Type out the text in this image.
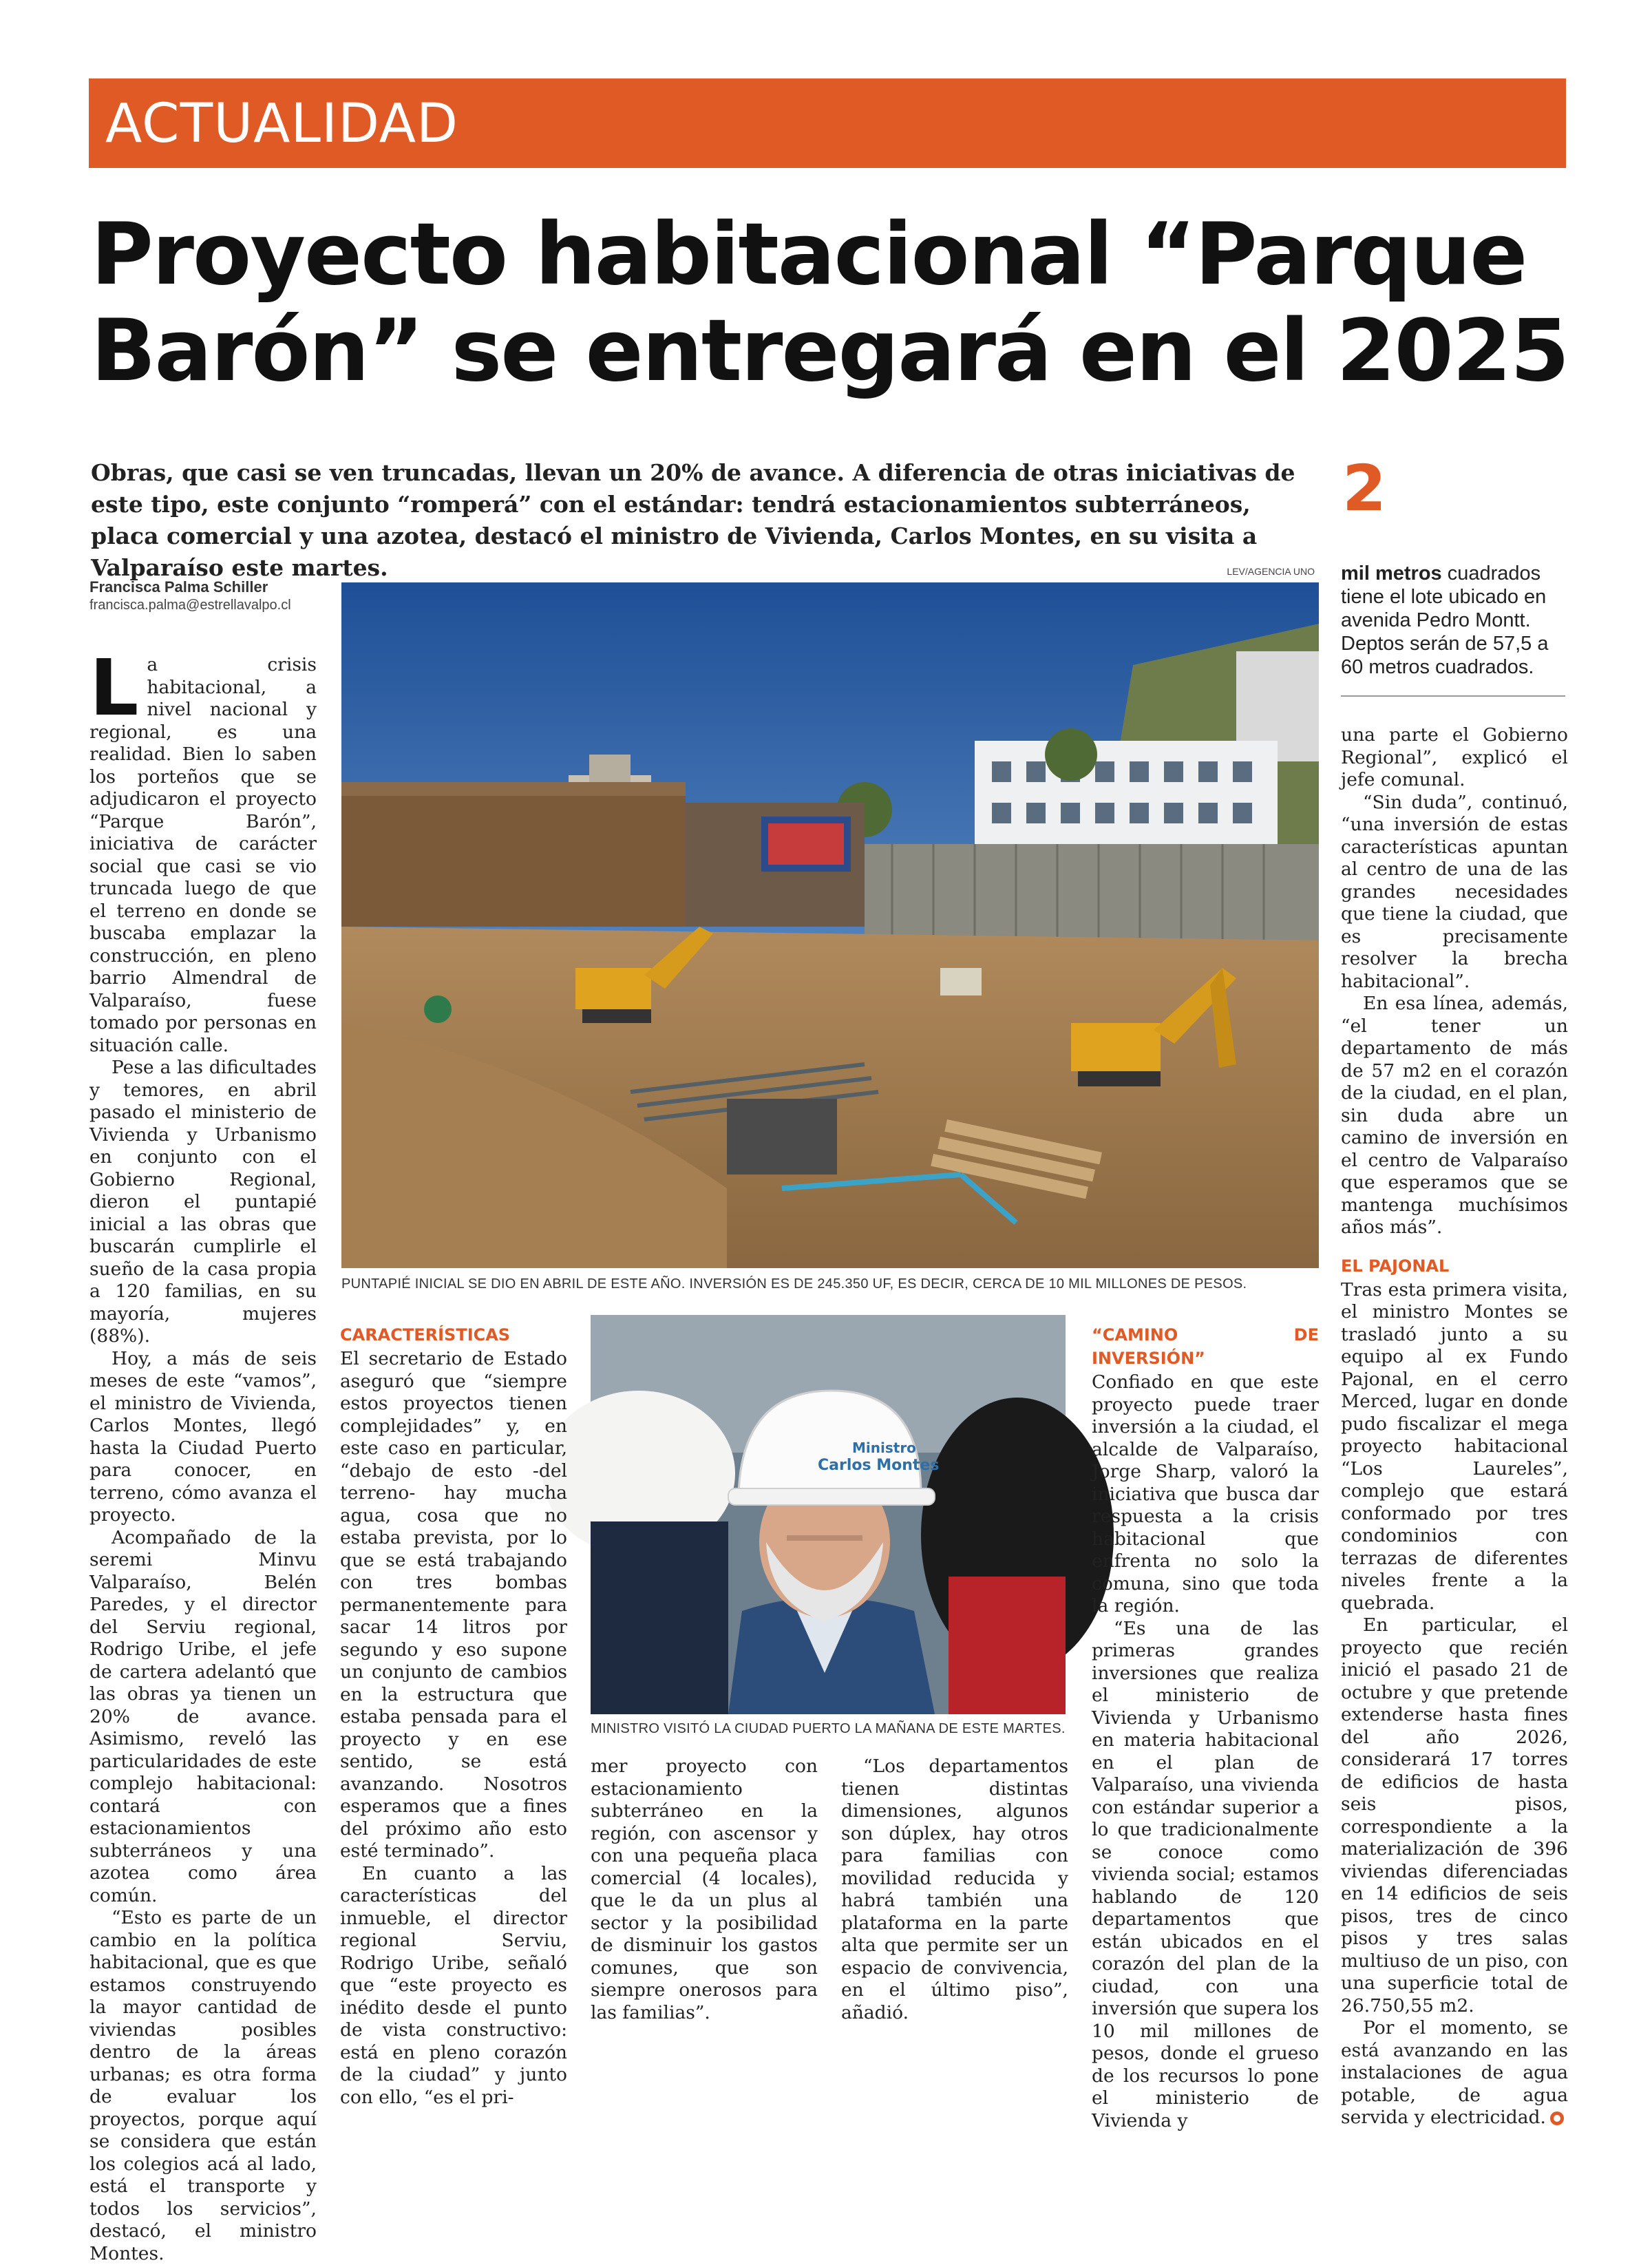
ACTUALIDAD
Proyecto habitacional “Parque Barón” se entregará en el 2025

Obras, que casi se ven truncadas, llevan un 20% de avance. A diferencia de otras iniciativas de este tipo, este conjunto “romperá” con el estándar: tendrá estacionamientos subterráneos, placa comercial y una azotea, destacó el ministro de Vivienda, Carlos Montes, en su visita a Valparaíso este martes.

2
mil metros cuadrados tiene el lote ubicado en avenida Pedro Montt. Deptos serán de 57,5 a 60 metros cuadrados.
Francisca Palma Schiller
francisca.palma@estrellavalpo.cl
LEV/AGENCIA UNO
PUNTAPIÉ INICIAL SE DIO EN ABRIL DE ESTE AÑO. INVERSIÓN ES DE 245.350 UF, ES DECIR, CERCA DE 10 MIL MILLONES DE PESOS.
Ministro
Carlos Montes
MINISTRO VISITÓ LA CIUDAD PUERTO LA MAÑANA DE ESTE MARTES.

La crisis habitacional, a nivel nacional y regional, es una realidad. Bien lo saben los porteños que se adjudicaron el proyecto “Parque Barón”, iniciativa de carácter social que casi se vio truncada luego de que el terreno en donde se buscaba emplazar la construcción, en pleno barrio Almendral de Valparaíso, fuese tomado por personas en situación calle.

Pese a las dificultades y temores, en abril pasado el ministerio de Vivienda y Urbanismo en conjunto con el Gobierno Regional, dieron el puntapié inicial a las obras que buscarán cumplirle el sueño de la casa propia a 120 familias, en su mayoría, mujeres (88%).

Hoy, a más de seis meses de este “vamos”, el ministro de Vivienda, Carlos Montes, llegó hasta la Ciudad Puerto para conocer, en terreno, cómo avanza el proyecto.

Acompañado de la seremi Minvu Valparaíso, Belén Paredes, y el director del Serviu regional, Rodrigo Uribe, el jefe de cartera adelantó que las obras ya tienen un 20% de avance. Asimismo, reveló las particularidades de este complejo habitacional: contará con estacionamientos subterráneos y una azotea como área común.

“Esto es parte de un cambio en la política habitacional, que es que estamos construyendo la mayor cantidad de viviendas posibles dentro de la áreas urbanas; es otra forma de evaluar los proyectos, porque aquí se considera que están los colegios acá al lado, está el transporte y todos los servicios”, destacó, el ministro Montes.

CARACTERÍSTICAS

El secretario de Estado aseguró que “siempre estos proyectos tienen complejidades” y, en este caso en particular, “debajo de esto -del terreno- hay mucha agua, cosa que no estaba prevista, por lo que se está trabajando con tres bombas permanentemente para sacar 14 litros por segundo y eso supone un conjunto de cambios en la estructura que estaba pensada para el proyecto y en ese sentido, se está avanzando. Nosotros esperamos que a fines del próximo año esto esté terminado”.

En cuanto a las características del inmueble, el director regional Serviu, Rodrigo Uribe, señaló que “este proyecto es inédito desde el punto de vista constructivo: está en pleno corazón de la ciudad” y junto con ello, “es el pri-

mer proyecto con estacionamiento subterráneo en la región, con ascensor y con una pequeña placa comercial (4 locales), que le da un plus al sector y la posibilidad de disminuir los gastos comunes, que son siempre onerosos para las familias”.

“Los departamentos tienen distintas dimensiones, algunos son dúplex, hay otros para familias con movilidad reducida y habrá también una plataforma en la parte alta que permite ser un espacio de convivencia, en el último piso”, añadió.

“CAMINO DE INVERSIÓN”

Confiado en que este proyecto puede traer inversión a la ciudad, el alcalde de Valparaíso, Jorge Sharp, valoró la iniciativa que busca dar respuesta a la crisis habitacional que enfrenta no solo la comuna, sino que toda la región.

“Es una de las primeras grandes inversiones que realiza el ministerio de Vivienda y Urbanismo en materia habitacional en el plan de Valparaíso, una vivienda con estándar superior a lo que tradicionalmente se conoce como vivienda social; estamos hablando de 120 departamentos que están ubicados en el corazón del plan de la ciudad, con una inversión que supera los 10 mil millones de pesos, donde el grueso de los recursos lo pone el ministerio de Vivienda y

una parte el Gobierno Regional”, explicó el jefe comunal.

“Sin duda”, continuó, “una inversión de estas características apuntan al centro de una de las grandes necesidades que tiene la ciudad, que es precisamente resolver la brecha habitacional”.

En esa línea, además, “el tener un departamento de más de 57 m2 en el corazón de la ciudad, en el plan, sin duda abre un camino de inversión en el centro de Valparaíso que esperamos que se mantenga muchísimos años más”.

EL PAJONAL

Tras esta primera visita, el ministro Montes se trasladó junto a su equipo al ex Fundo Pajonal, en el cerro Merced, lugar en donde pudo fiscalizar el mega proyecto habitacional “Los Laureles”, complejo que estará conformado por tres condominios con terrazas de diferentes niveles frente a la quebrada.

En particular, el proyecto que recién inició el pasado 21 de octubre y que pretende extenderse hasta fines del año 2026, considerará 17 torres de edificios de hasta seis pisos, correspondiente a la materialización de 396 viviendas diferenciadas en 14 edificios de seis pisos, tres de cinco pisos y tres salas multiuso de un piso, con una superficie total de 26.750,55 m2.

Por el momento, se está avanzando en las instalaciones de agua potable, de agua servida y electricidad.
